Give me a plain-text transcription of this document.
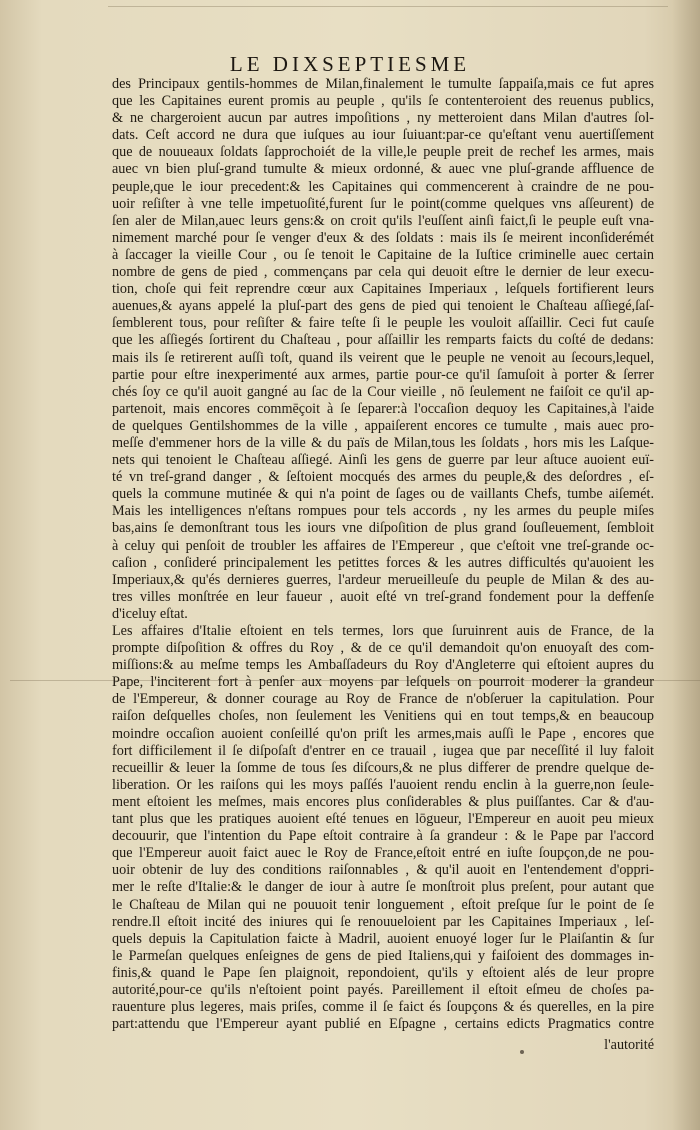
LE DIXSEPTIESME
des Principaux gentils-hommes de Milan,finalement le tumulte ſappaiſa,mais ce fut apres
que les Capitaines eurent promis au peuple , qu'ils ſe contenteroient des reuenus publics,
& ne chargeroient aucun par autres impoſitions , ny metteroient dans Milan d'autres ſol-
dats. Ceſt accord ne dura que iuſques au iour ſuiuant:par-ce qu'eſtant venu auertiſſement
que de nouueaux ſoldats ſapprochoiét de la ville,le peuple preit de rechef les armes, mais
auec vn bien pluſ-grand tumulte & mieux ordonné, & auec vne pluſ-grande affluence de
peuple,que le iour precedent:& les Capitaines qui commencerent à craindre de ne pou-
uoir reſiſter à vne telle impetuoſité,furent ſur le point(comme quelques vns aſſeurent) de
ſen aler de Milan,auec leurs gens:& on croit qu'ils l'euſſent ainſi faict,ſi le peuple euſt vna-
nimement marché pour ſe venger d'eux & des ſoldats : mais ils ſe meirent inconſiderémét
à ſaccager la vieille Cour , ou ſe tenoit le Capitaine de la Iuſtice criminelle auec certain
nombre de gens de pied , commençans par cela qui deuoit eſtre le dernier de leur execu-
tion, choſe qui feit reprendre cœur aux Capitaines Imperiaux , leſquels fortifierent leurs
auenues,& ayans appelé la pluſ-part des gens de pied qui tenoient le Chaſteau aſſiegé,ſaſ-
ſemblerent tous, pour reſiſter & faire teſte ſi le peuple les vouloit aſſaillir. Ceci fut cauſe
que les aſſiegés ſortirent du Chaſteau , pour aſſaillir les remparts faicts du coſté de dedans:
mais ils ſe retirerent auſſi toſt, quand ils veirent que le peuple ne venoit au ſecours,lequel,
partie pour eſtre inexperimenté aux armes, partie pour-ce qu'il ſamuſoit à porter & ſerrer
chés ſoy ce qu'il auoit gangné au ſac de la Cour vieille , nō ſeulement ne faiſoit ce qu'il ap-
partenoit, mais encores commēçoit à ſe ſeparer:à l'occaſion dequoy les Capitaines,à l'aide
de quelques Gentilshommes de la ville , appaiſerent encores ce tumulte , mais auec pro-
meſſe d'emmener hors de la ville & du païs de Milan,tous les ſoldats , hors mis les Laſque-
nets qui tenoient le Chaſteau aſſiegé. Ainſi les gens de guerre par leur aſtuce auoient euï-
té vn treſ-grand danger , & ſeſtoient mocqués des armes du peuple,& des deſordres , eſ-
quels la commune mutinée & qui n'a point de ſages ou de vaillants Chefs, tumbe aiſemét.
Mais les intelligences n'eſtans rompues pour tels accords , ny les armes du peuple miſes
bas,ains ſe demonſtrant tous les iours vne diſpoſition de plus grand ſouſleuement, ſembloit
à celuy qui penſoit de troubler les affaires de l'Empereur , que c'eſtoit vne treſ-grande oc-
caſion , conſideré principalement les petittes forces & les autres difficultés qu'auoient les
Imperiaux,& qu'és dernieres guerres, l'ardeur merueilleuſe du peuple de Milan & des au-
tres villes monſtrée en leur faueur , auoit eſté vn treſ-grand fondement pour la deffenſe
d'iceluy eſtat.
Les affaires d'Italie eſtoient en tels termes, lors que ſuruinrent auis de France, de la
prompte diſpoſition & offres du Roy , & de ce qu'il demandoit qu'on enuoyaſt des com-
miſſions:& au meſme temps les Ambaſſadeurs du Roy d'Angleterre qui eſtoient aupres du
Pape, l'inciterent fort à penſer aux moyens par leſquels on pourroit moderer la grandeur
de l'Empereur, & donner courage au Roy de France de n'obſeruer la capitulation. Pour
raiſon deſquelles choſes, non ſeulement les Venitiens qui en tout temps,& en beaucoup
moindre occaſion auoient conſeillé qu'on priſt les armes,mais auſſi le Pape , encores que
fort difficilement il ſe diſpoſaſt d'entrer en ce trauail , iugea que par neceſſité il luy faloit
recueillir & leuer la ſomme de tous ſes diſcours,& ne plus differer de prendre quelque de-
liberation. Or les raiſons qui les moys paſſés l'auoient rendu enclin à la guerre,non ſeule-
ment eſtoient les meſmes, mais encores plus conſiderables & plus puiſſantes. Car & d'au-
tant plus que les pratiques auoient eſté tenues en lōgueur, l'Empereur en auoit peu mieux
decouurir, que l'intention du Pape eſtoit contraire à ſa grandeur : & le Pape par l'accord
que l'Empereur auoit faict auec le Roy de France,eſtoit entré en iuſte ſoupçon,de ne pou-
uoir obtenir de luy des conditions raiſonnables , & qu'il auoit en l'entendement d'oppri-
mer le reſte d'Italie:& le danger de iour à autre ſe monſtroit plus preſent, pour autant que
le Chaſteau de Milan qui ne pouuoit tenir longuement , eſtoit preſque ſur le point de ſe
rendre.Il eſtoit incité des iniures qui ſe renouueloient par les Capitaines Imperiaux , leſ-
quels depuis la Capitulation faicte à Madril, auoient enuoyé loger ſur le Plaiſantin & ſur
le Parmeſan quelques enſeignes de gens de pied Italiens,qui y faiſoient des dommages in-
finis,& quand le Pape ſen plaignoit, repondoient, qu'ils y eſtoient alés de leur propre
autorité,pour-ce qu'ils n'eſtoient point payés. Pareillement il eſtoit eſmeu de choſes pa-
rauenture plus legeres, mais priſes, comme il ſe faict és ſoupçons & és querelles, en la pire
part:attendu que l'Empereur ayant publié en Eſpagne , certains edicts Pragmatics contre
l'autorité
